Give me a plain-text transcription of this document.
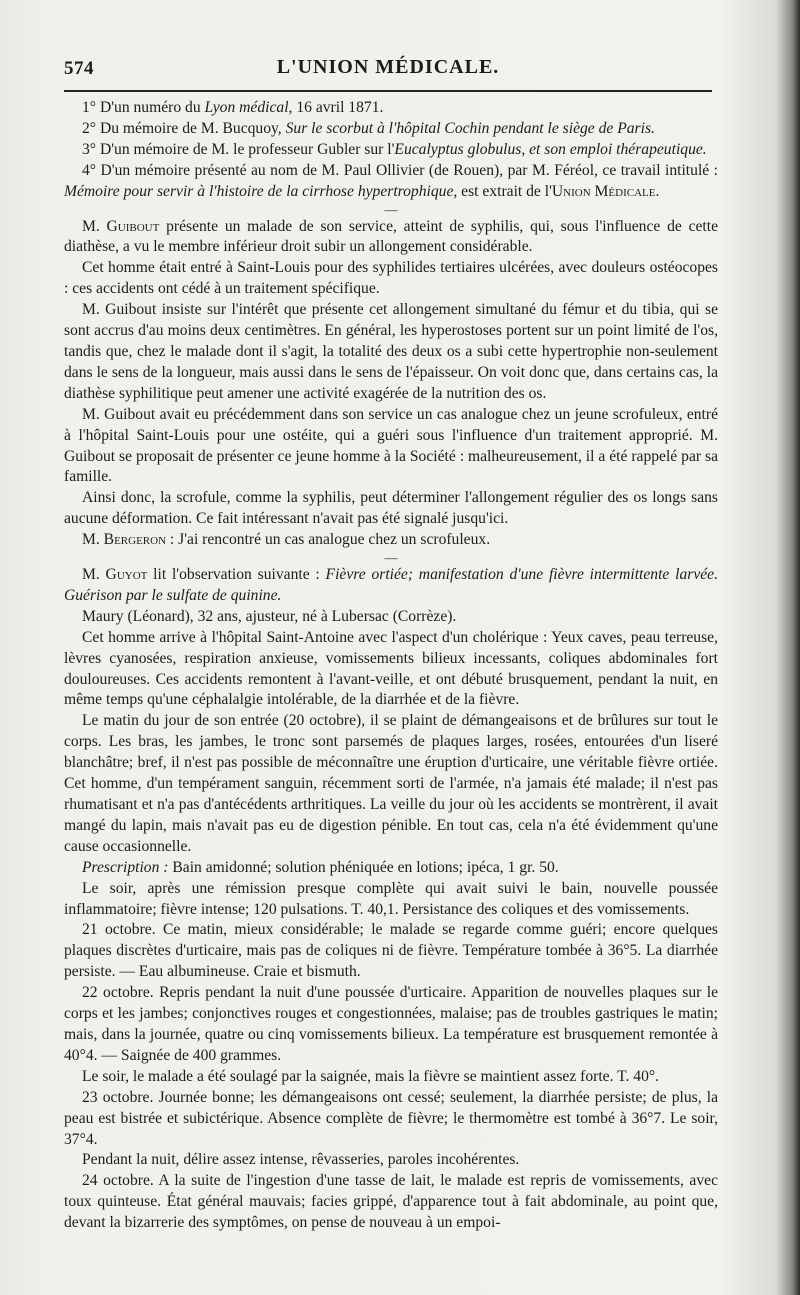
574	L'UNION MÉDICALE.

1° D'un numéro du Lyon médical, 16 avril 1871.

2° Du mémoire de M. Bucquoy, Sur le scorbut à l'hôpital Cochin pendant le siège de Paris.

3° D'un mémoire de M. le professeur Gubler sur l'Eucalyptus globulus, et son emploi thérapeutique.

4° D'un mémoire présenté au nom de M. Paul Ollivier (de Rouen), par M. Féréol, ce travail intitulé : Mémoire pour servir à l'histoire de la cirrhose hypertrophique, est extrait de l'Union Médicale.

—

M. Guibout présente un malade de son service, atteint de syphilis, qui, sous l'influence de cette diathèse, a vu le membre inférieur droit subir un allongement considérable.

Cet homme était entré à Saint-Louis pour des syphilides tertiaires ulcérées, avec douleurs ostéocopes : ces accidents ont cédé à un traitement spécifique.

M. Guibout insiste sur l'intérêt que présente cet allongement simultané du fémur et du tibia, qui se sont accrus d'au moins deux centimètres. En général, les hyperostoses portent sur un point limité de l'os, tandis que, chez le malade dont il s'agit, la totalité des deux os a subi cette hypertrophie non-seulement dans le sens de la longueur, mais aussi dans le sens de l'épaisseur. On voit donc que, dans certains cas, la diathèse syphilitique peut amener une activité exagérée de la nutrition des os.

M. Guibout avait eu précédemment dans son service un cas analogue chez un jeune scrofuleux, entré à l'hôpital Saint-Louis pour une ostéite, qui a guéri sous l'influence d'un traitement approprié. M. Guibout se proposait de présenter ce jeune homme à la Société : malheureusement, il a été rappelé par sa famille.

Ainsi donc, la scrofule, comme la syphilis, peut déterminer l'allongement régulier des os longs sans aucune déformation. Ce fait intéressant n'avait pas été signalé jusqu'ici.

M. Bergeron : J'ai rencontré un cas analogue chez un scrofuleux.

—

M. Guyot lit l'observation suivante : Fièvre ortiée; manifestation d'une fièvre intermittente larvée. Guérison par le sulfate de quinine.

Maury (Léonard), 32 ans, ajusteur, né à Lubersac (Corrèze).

Cet homme arrive à l'hôpital Saint-Antoine avec l'aspect d'un cholérique : Yeux caves, peau terreuse, lèvres cyanosées, respiration anxieuse, vomissements bilieux incessants, coliques abdominales fort douloureuses. Ces accidents remontent à l'avant-veille, et ont débuté brusquement, pendant la nuit, en même temps qu'une céphalalgie intolérable, de la diarrhée et de la fièvre.

Le matin du jour de son entrée (20 octobre), il se plaint de démangeaisons et de brûlures sur tout le corps. Les bras, les jambes, le tronc sont parsemés de plaques larges, rosées, entourées d'un liseré blanchâtre; bref, il n'est pas possible de méconnaître une éruption d'urticaire, une véritable fièvre ortiée. Cet homme, d'un tempérament sanguin, récemment sorti de l'armée, n'a jamais été malade; il n'est pas rhumatisant et n'a pas d'antécédents arthritiques. La veille du jour où les accidents se montrèrent, il avait mangé du lapin, mais n'avait pas eu de digestion pénible. En tout cas, cela n'a été évidemment qu'une cause occasionnelle.

Prescription : Bain amidonné; solution phéniquée en lotions; ipéca, 1 gr. 50.

Le soir, après une rémission presque complète qui avait suivi le bain, nouvelle poussée inflammatoire; fièvre intense; 120 pulsations. T. 40,1. Persistance des coliques et des vomissements.

21 octobre. Ce matin, mieux considérable; le malade se regarde comme guéri; encore quelques plaques discrètes d'urticaire, mais pas de coliques ni de fièvre. Température tombée à 36°5. La diarrhée persiste. — Eau albumineuse. Craie et bismuth.

22 octobre. Repris pendant la nuit d'une poussée d'urticaire. Apparition de nouvelles plaques sur le corps et les jambes; conjonctives rouges et congestionnées, malaise; pas de troubles gastriques le matin; mais, dans la journée, quatre ou cinq vomissements bilieux. La température est brusquement remontée à 40°4. — Saignée de 400 grammes.

Le soir, le malade a été soulagé par la saignée, mais la fièvre se maintient assez forte. T. 40°.

23 octobre. Journée bonne; les démangeaisons ont cessé; seulement, la diarrhée persiste; de plus, la peau est bistrée et subictérique. Absence complète de fièvre; le thermomètre est tombé à 36°7. Le soir, 37°4.

Pendant la nuit, délire assez intense, rêvasseries, paroles incohérentes.

24 octobre. A la suite de l'ingestion d'une tasse de lait, le malade est repris de vomissements, avec toux quinteuse. État général mauvais; facies grippé, d'apparence tout à fait abdominale, au point que, devant la bizarrerie des symptômes, on pense de nouveau à un empoi-
